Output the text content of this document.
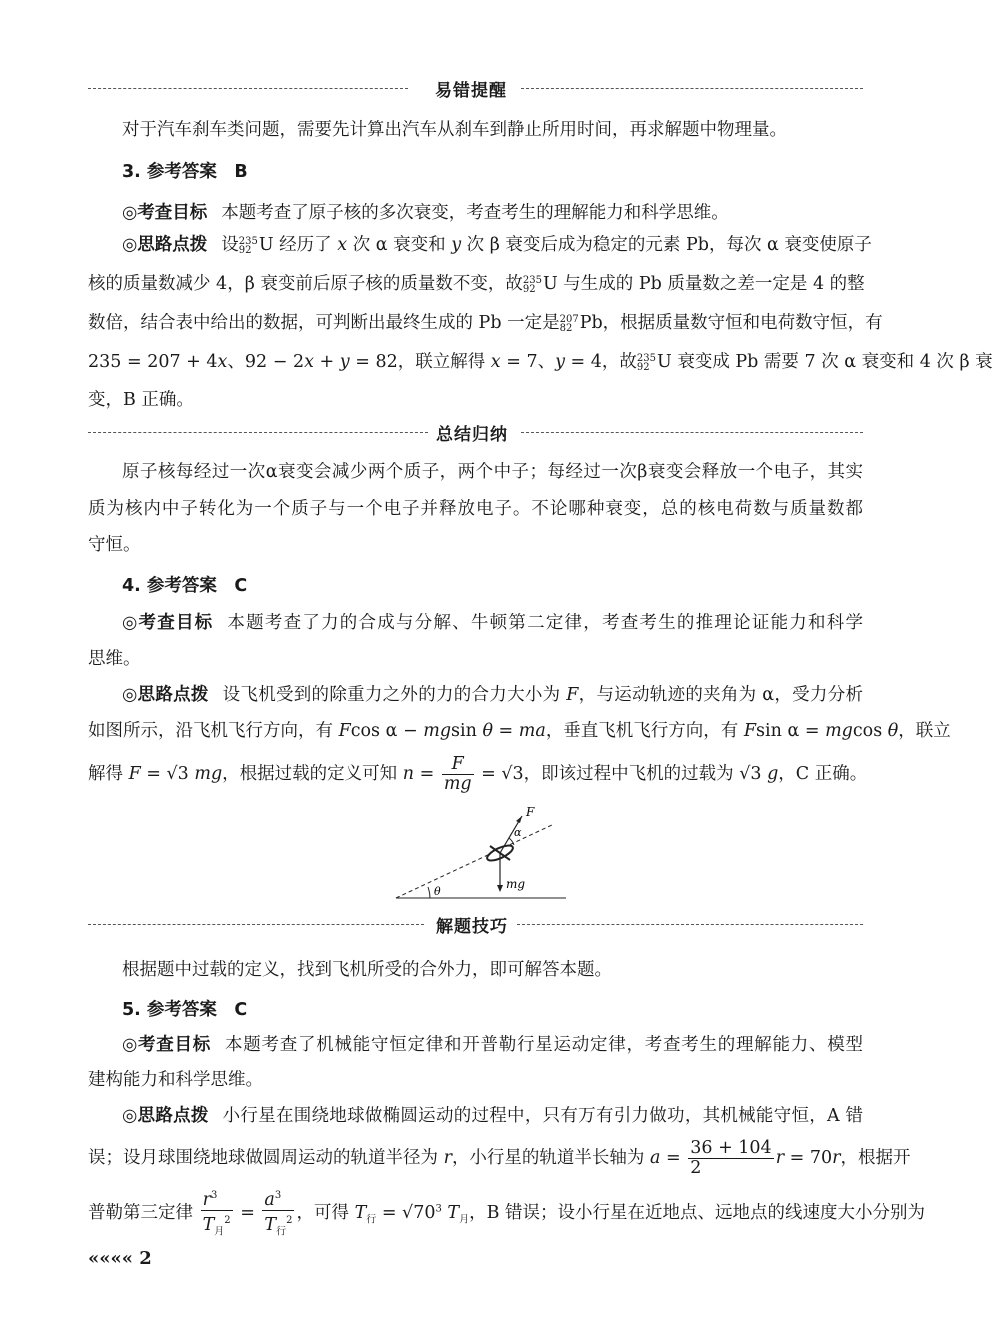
易错提醒
对于汽车刹车类问题，需要先计算出汽车从刹车到静止所用时间，再求解题中物理量。
3. 参考答案　B
◎考查目标 本题考查了原子核的多次衰变，考查考生的理解能力和科学思维。
◎思路点拨 设 235
92 U 经历了 x 次 α 衰变和 y 次 β 衰变后成为稳定的元素 Pb，每次 α 衰变使原子
核的质量数减少 4，β 衰变前后原子核的质量数不变，故 235
92 U 与生成的 Pb 质量数之差一定是 4 的整
数倍，结合表中给出的数据，可判断出最终生成的 Pb 一定是 207
82 Pb，根据质量数守恒和电荷数守恒，有
235 = 207 + 4x、92 − 2x + y = 82，联立解得 x = 7、y = 4，故 235
92 U 衰变成 Pb 需要 7 次 α 衰变和 4 次 β 衰
变，B 正确。
总结归纳
原子核每经过一次α衰变会减少两个质子，两个中子；每经过一次β衰变会释放一个电子，其实
质为核内中子转化为一个质子与一个电子并释放电子。不论哪种衰变，总的核电荷数与质量数都
守恒。
4. 参考答案　C
◎考查目标 本题考查了力的合成与分解、牛顿第二定律，考查考生的推理论证能力和科学
思维。
◎思路点拨 设飞机受到的除重力之外的力的合力大小为 F，与运动轨迹的夹角为 α，受力分析
如图所示，沿飞机飞行方向，有 Fcos α − mgsin θ = ma，垂直飞机飞行方向，有 Fsin α = mgcos θ，联立
解得 F = √3 mg，根据过载的定义可知 $n = \frac{F}{mg} = √3$，即该过程中飞机的过载为 √3 g，C 正确。
F
α
θ
mg
解题技巧
根据题中过载的定义，找到飞机所受的合外力，即可解答本题。
5. 参考答案　C
◎考查目标 本题考查了机械能守恒定律和开普勒行星运动定律，考查考生的理解能力、模型
建构能力和科学思维。
◎思路点拨 小行星在围绕地球做椭圆运动的过程中，只有万有引力做功，其机械能守恒，A 错
误；设月球围绕地球做圆周运动的轨道半径为 r，小行星的轨道半长轴为 $a = \frac{36 + 104}{2}$ r = 70r，根据开
普勒第三定律 $\frac{r^3}{T_月^2} = \frac{a^3}{T_行^2}$ ，可得 $T_行 = √70^3$ $T_月$，B 错误；设小行星在近地点、远地点的线速度大小分别为
«««« 2
